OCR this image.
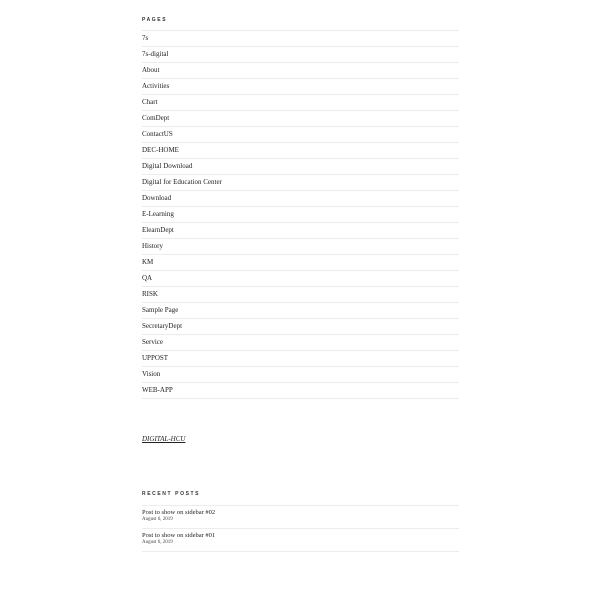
PAGES
7s
7s-digital
About
Activities
Chart
ComDept
ContactUS
DEC-HOME
Digital Download
Digital for Education Center
Download
E-Learning
ElearnDept
History
KM
QA
RISK
Sample Page
SecretaryDept
Service
UPPOST
Vision
WEB-APP
DIGITAL-HCU
RECENT POSTS
Post to show on sidebar #02
August 6, 2019
Post to show on sidebar #01
August 6, 2019
